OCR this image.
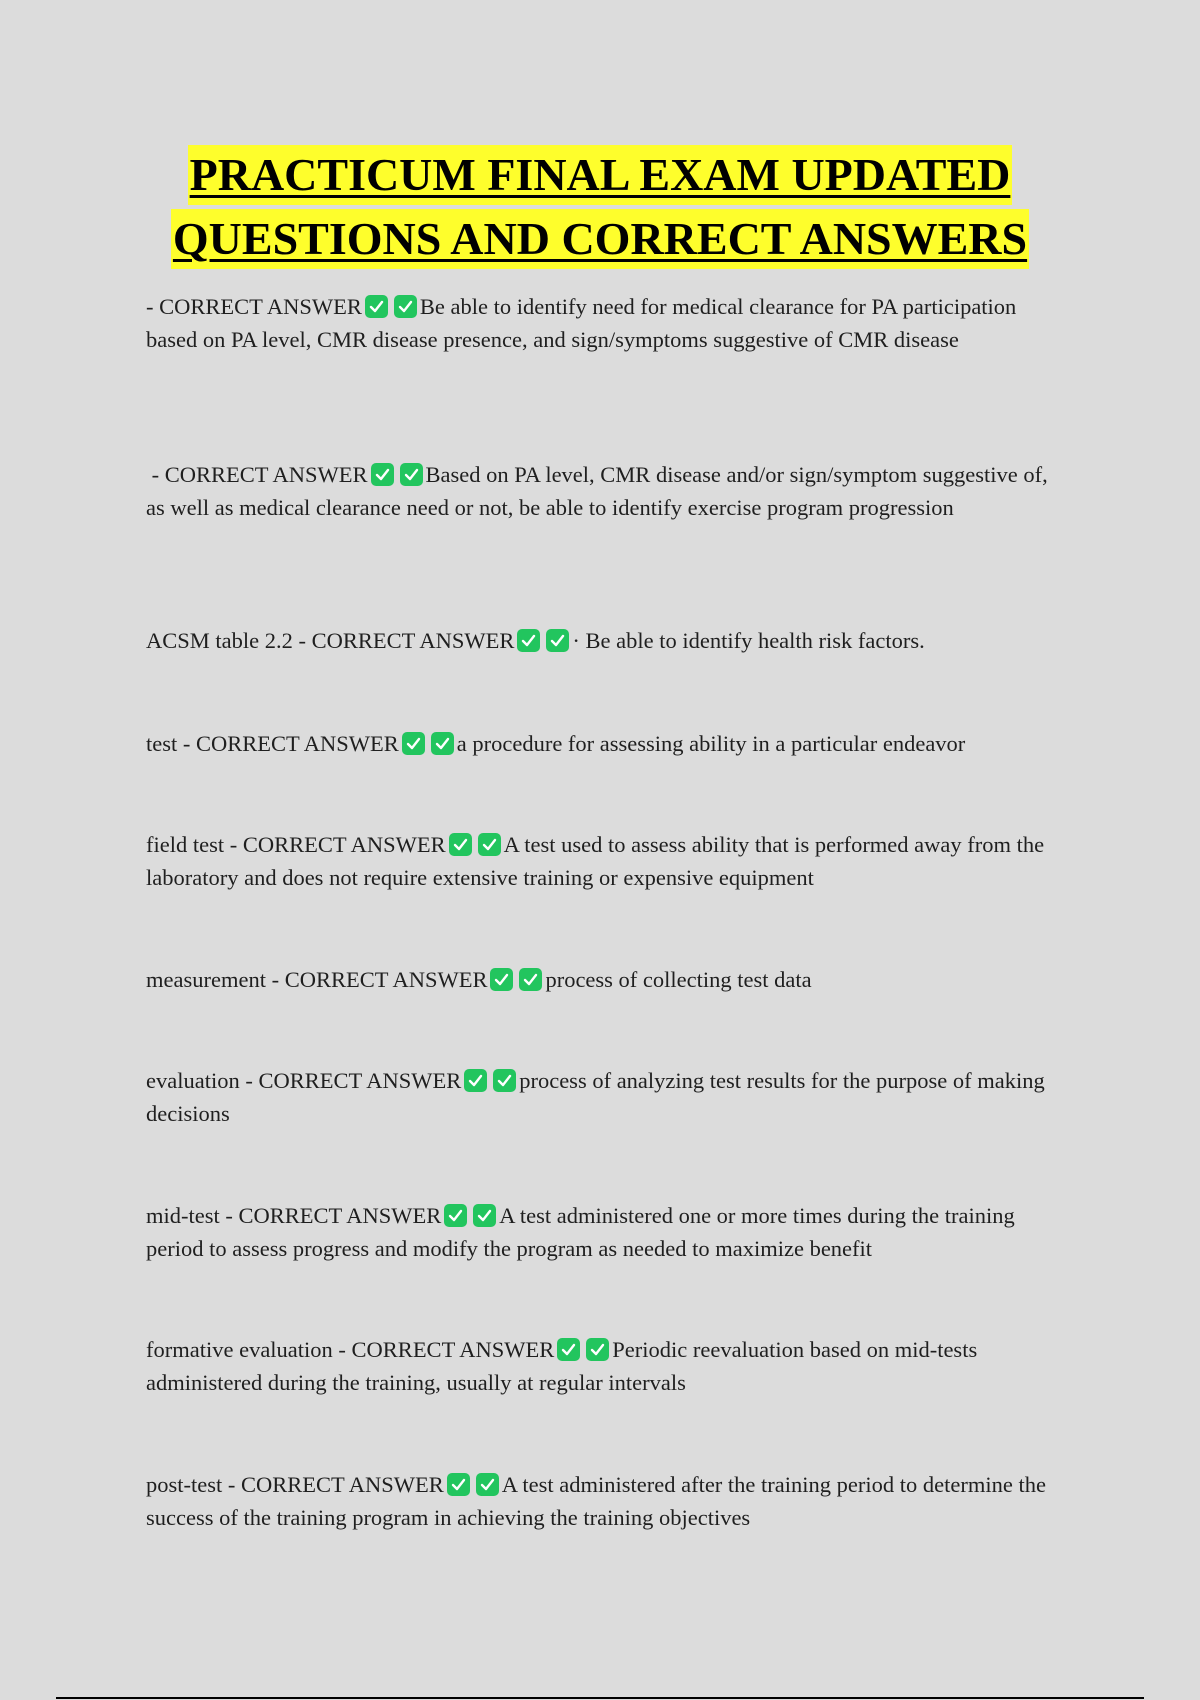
PRACTICUM FINAL EXAM UPDATED
QUESTIONS AND CORRECT ANSWERS
- CORRECT ANSWER	Be able to identify need for medical clearance for PA participation based on PA level, CMR disease presence, and sign/symptoms suggestive of CMR disease
- CORRECT ANSWER	Based on PA level, CMR disease and/or sign/symptom suggestive of, as well as medical clearance need or not, be able to identify exercise program progression
ACSM table 2.2 - CORRECT ANSWER	· Be able to identify health risk factors.
test - CORRECT ANSWER	a procedure for assessing ability in a particular endeavor
field test - CORRECT ANSWER	A test used to assess ability that is performed away from the laboratory and does not require extensive training or expensive equipment
measurement - CORRECT ANSWER	process of collecting test data
evaluation - CORRECT ANSWER	process of analyzing test results for the purpose of making decisions
mid-test - CORRECT ANSWER	A test administered one or more times during the training period to assess progress and modify the program as needed to maximize benefit
formative evaluation - CORRECT ANSWER	Periodic reevaluation based on mid-tests administered during the training, usually at regular intervals
post-test - CORRECT ANSWER	A test administered after the training period to determine the success of the training program in achieving the training objectives
